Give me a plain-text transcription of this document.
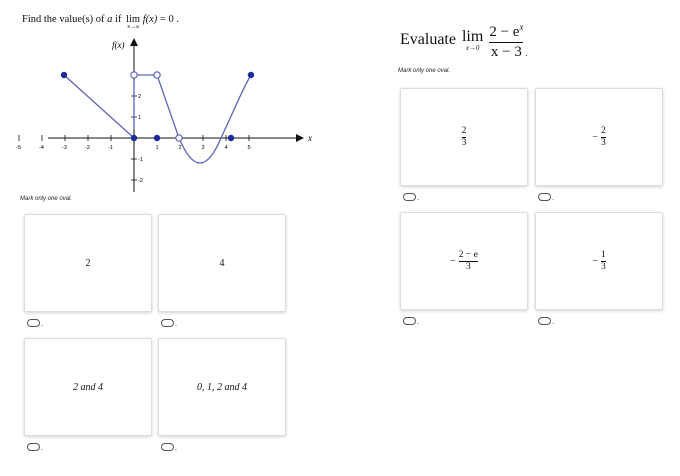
Find the value(s) of a if lim
x→a
f(x) = 0 .
-5	-4	-3	-2	-1	1	2	3	4	5
2
1
-1
-2
x
f(x)
Mark only one oval.
2
.
4
.
2 and 4
.
0, 1, 2 and 4
.
Evaluate lim
x→0
$2 - e^x$
x − 3 .
Mark only one oval.
$\frac{2}{3}$
.
− $\frac{2}{3}$
.
− $\frac{2 - e}{3}$
.
− $\frac{1}{3}$
.
